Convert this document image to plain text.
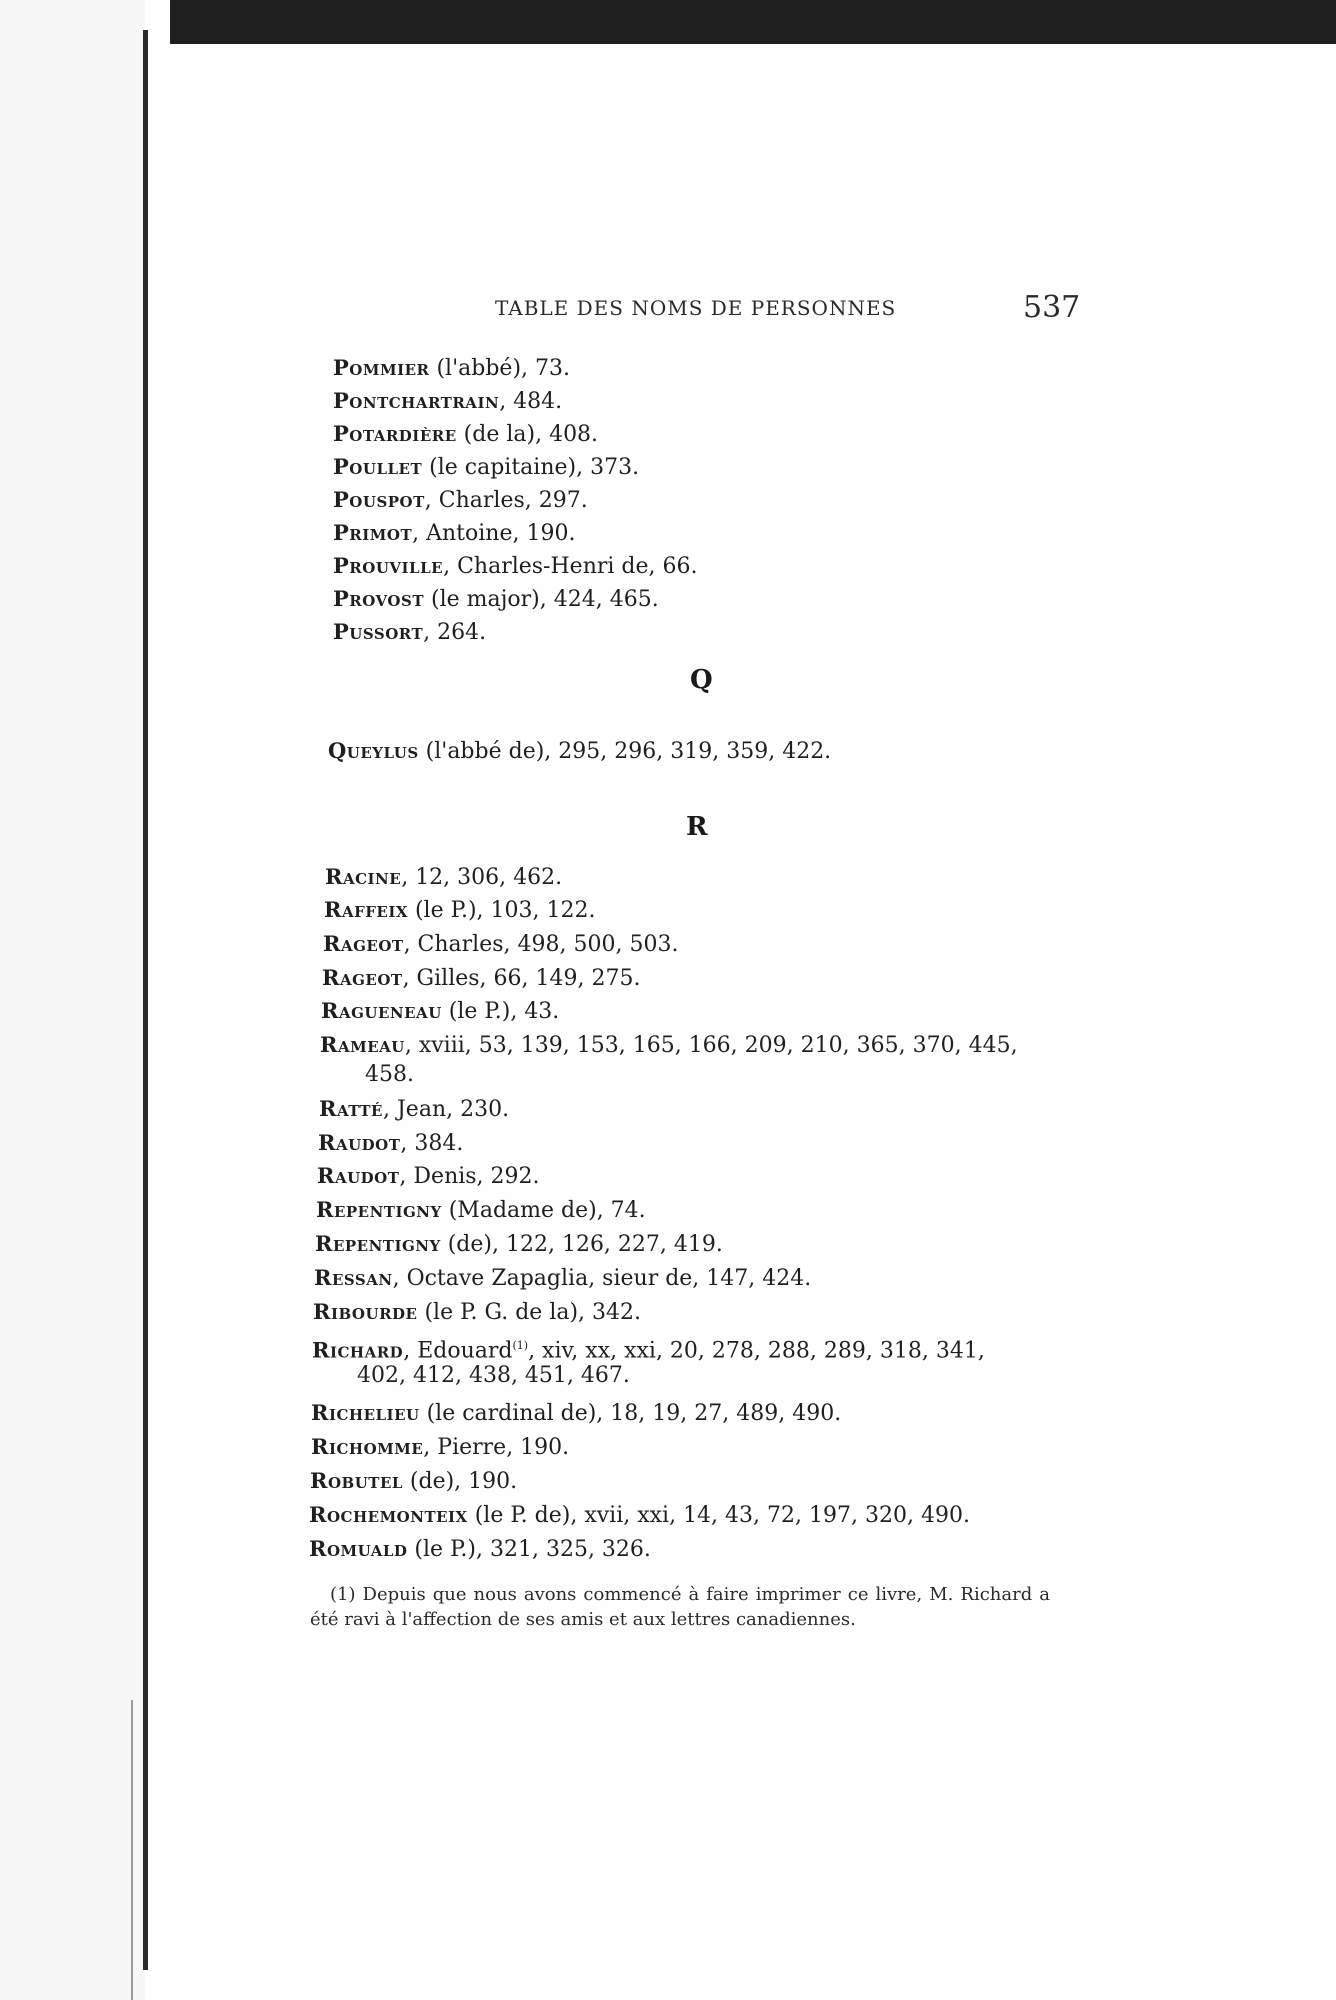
TABLE DES NOMS DE PERSONNES	537
Pommier (l'abbé), 73.
Pontchartrain, 484.
Potardière (de la), 408.
Poullet (le capitaine), 373.
Pouspot, Charles, 297.
Primot, Antoine, 190.
Prouville, Charles-Henri de, 66.
Provost (le major), 424, 465.
Pussort, 264.
Q
Queylus (l'abbé de), 295, 296, 319, 359, 422.
R
Racine, 12, 306, 462.
Raffeix (le P.), 103, 122.
Rageot, Charles, 498, 500, 503.
Rageot, Gilles, 66, 149, 275.
Ragueneau (le P.), 43.
Rameau, xviii, 53, 139, 153, 165, 166, 209, 210, 365, 370, 445,
458.
Ratté, Jean, 230.
Raudot, 384.
Raudot, Denis, 292.
Repentigny (Madame de), 74.
Repentigny (de), 122, 126, 227, 419.
Ressan, Octave Zapaglia, sieur de, 147, 424.
Ribourde (le P. G. de la), 342.
Richard, Edouard$^{(1)}$, xiv, xx, xxi, 20, 278, 288, 289, 318, 341,
402, 412, 438, 451, 467.
Richelieu (le cardinal de), 18, 19, 27, 489, 490.
Richomme, Pierre, 190.
Robutel (de), 190.
Rochemonteix (le P. de), xvii, xxi, 14, 43, 72, 197, 320, 490.
Romuald (le P.), 321, 325, 326.
(1) Depuis que nous avons commencé à faire imprimer ce livre, M. Richard a été ravi à l'affection de ses amis et aux lettres canadiennes.
